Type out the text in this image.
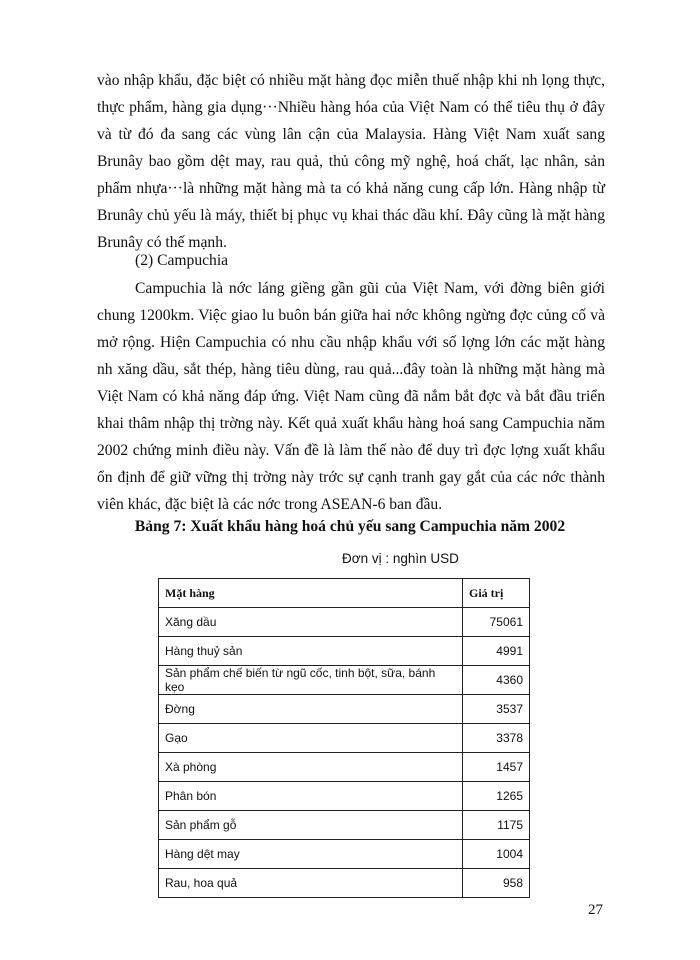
vào nhập khẩu, đặc biệt có nhiều mặt hàng đọc miễn thuế nhập khi nh lọng thực, thực phẩm, hàng gia dụng···Nhiều hàng hóa của Việt Nam có thể tiêu thụ ở đây và từ đó đa sang các vùng lân cận của Malaysia. Hàng Việt Nam xuất sang Brunây bao gồm dệt may, rau quả, thủ công mỹ nghệ, hoá chất, lạc nhân, sản phẩm nhựa···là những mặt hàng mà ta có khả năng cung cấp lớn. Hàng nhập từ Brunây chủ yếu là máy, thiết bị phục vụ khai thác dầu khí. Đây cũng là mặt hàng Brunây có thế mạnh.

(2) Campuchia

Campuchia là nớc láng giềng gần gũi của Việt Nam, với đờng biên giới chung 1200km. Việc giao lu buôn bán giữa hai nớc không ngừng đợc củng cố và mở rộng. Hiện Campuchia có nhu cầu nhập khẩu với số lợng lớn các mặt hàng nh xăng dầu, sắt thép, hàng tiêu dùng, rau quả...đây toàn là những mặt hàng mà Việt Nam có khả năng đáp ứng. Việt Nam cũng đã nắm bắt đợc và bắt đầu triển khai thâm nhập thị trờng này. Kết quả xuất khẩu hàng hoá sang Campuchia năm 2002 chứng minh điều này. Vấn đề là làm thế nào để duy trì đợc lợng xuất khẩu ổn định để giữ vững thị trờng này trớc sự cạnh tranh gay gắt của các nớc thành viên khác, đặc biệt là các nớc trong ASEAN-6 ban đầu.

Bảng 7: Xuất khẩu hàng hoá chủ yếu sang Campuchia năm 2002

Đơn vị : nghìn USD

Mặt hàng	Giá trị
Xăng dầu	75061
Hàng thuỷ sản	4991
Sản phẩm chế biến từ ngũ cốc, tinh bột, sữa, bánh kẹo	4360
Đờng	3537
Gạo	3378
Xà phòng	1457
Phân bón	1265
Sản phẩm gỗ	1175
Hàng dệt may	1004
Rau, hoa quả	958

27
